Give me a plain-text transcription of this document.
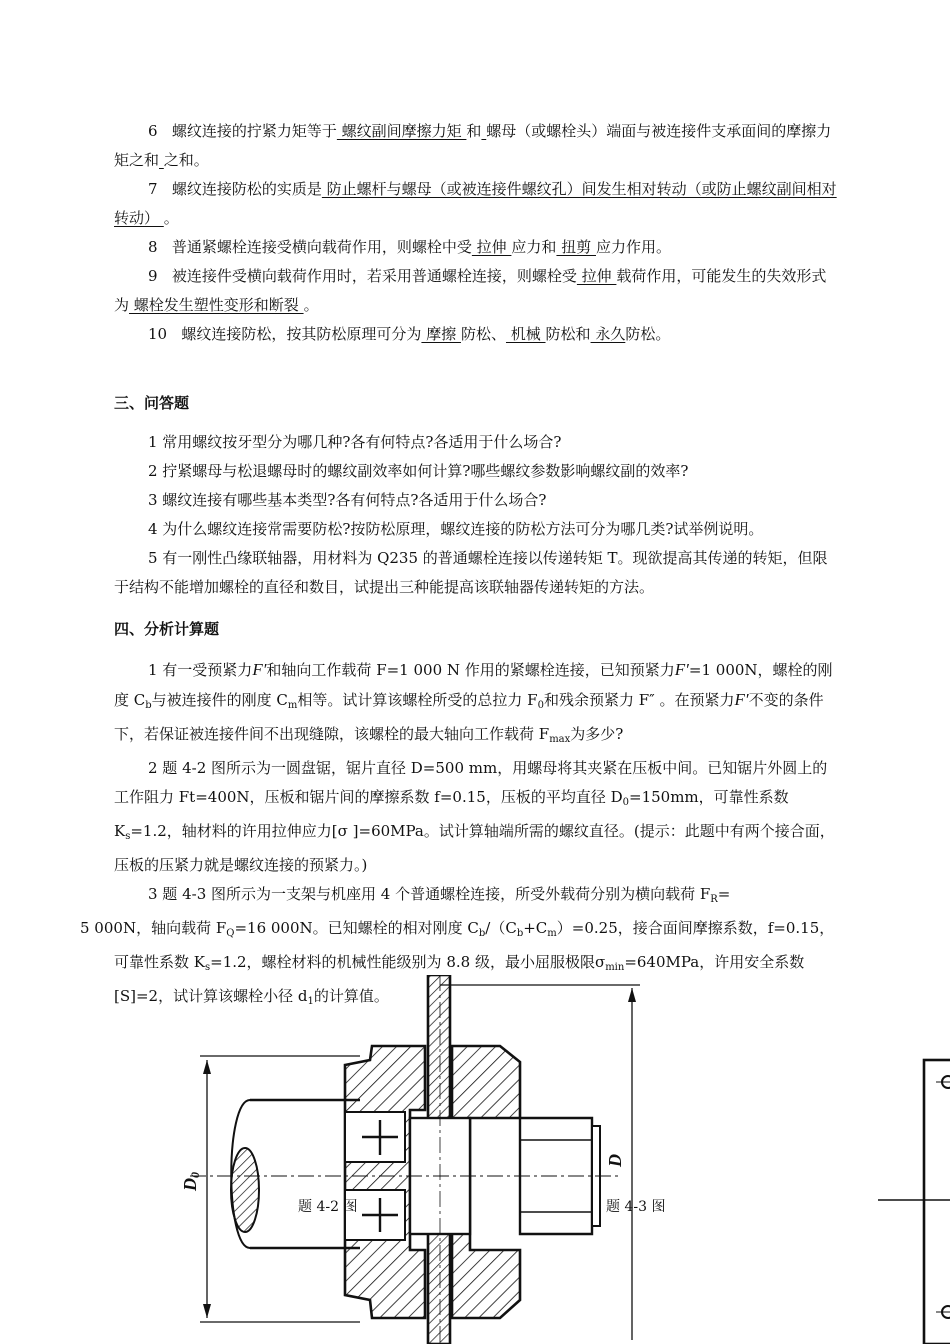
6 螺纹连接的拧紧力矩等于 螺纹副间摩擦力矩 和 螺母（或螺栓头）端面与被连接件支承面间的摩擦力矩之和 之和。

7 螺纹连接防松的实质是 防止螺杆与螺母（或被连接件螺纹孔）间发生相对转动（或防止螺纹副间相对转动） 。

8 普通紧螺栓连接受横向载荷作用，则螺栓中受 拉伸 应力和 扭剪 应力作用。

9 被连接件受横向载荷作用时，若采用普通螺栓连接，则螺栓受 拉伸 载荷作用，可能发生的失效形式为 螺栓发生塑性变形和断裂 。

10 螺纹连接防松，按其防松原理可分为 摩擦 防松、 机械 防松和 永久防松。

三、问答题

1 常用螺纹按牙型分为哪几种?各有何特点?各适用于什么场合?

2 拧紧螺母与松退螺母时的螺纹副效率如何计算?哪些螺纹参数影响螺纹副的效率?

3 螺纹连接有哪些基本类型?各有何特点?各适用于什么场合?

4 为什么螺纹连接常需要防松?按防松原理，螺纹连接的防松方法可分为哪几类?试举例说明。

5 有一刚性凸缘联轴器，用材料为 Q235 的普通螺栓连接以传递转矩 T。现欲提高其传递的转矩，但限于结构不能增加螺栓的直径和数目，试提出三种能提高该联轴器传递转矩的方法。

四、分析计算题

1 有一受预紧力F′和轴向工作载荷 F=1 000 N 作用的紧螺栓连接，已知预紧力F′=1 000N，螺栓的刚度 $C_b$与被连接件的刚度 $C_m$相等。试计算该螺栓所受的总拉力 $F_0$和残余预紧力 F″ 。在预紧力F′不变的条件下，若保证被连接件间不出现缝隙，该螺栓的最大轴向工作载荷 $F_{max}$为多少?

2 题 4-2 图所示为一圆盘锯，锯片直径 D=500 mm，用螺母将其夹紧在压板中间。已知锯片外圆上的工作阻力 Ft=400N，压板和锯片间的摩擦系数 f=0.15，压板的平均直径 $D_0=150mm$，可靠性系数 $K_s=1.2$，轴材料的许用拉伸应力[σ ]=60MPa。试计算轴端所需的螺纹直径。(提示：此题中有两个接合面，压板的压紧力就是螺纹连接的预紧力。)

3 题 4-3 图所示为一支架与机座用 4 个普通螺栓连接，所受外载荷分别为横向载荷 $F_R=$
5 000N，轴向载荷 $F_Q=16$ 000N。已知螺栓的相对刚度 $C_b/(C_b+C_m)=0.25$，接合面间摩擦系数，f=0.15，可靠性系数 $K_s=1.2$，螺栓材料的机械性能级别为 8.8 级，最小屈服极限$\sigma_{min}=640MPa$，许用安全系数[S]=2，试计算该螺栓小径 $d_1$的计算值。

$D_0$
D
题 4-2 图	题 4-3 图
